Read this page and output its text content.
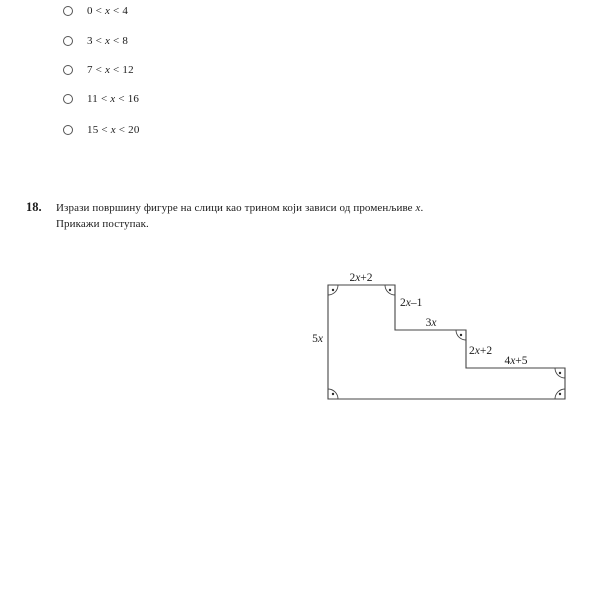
0 < x < 4
3 < x < 8
7 < x < 12
11 < x < 16
15 < x < 20
18. Изрази површину фигуре на слици као трином који зависи од променљиве x.
Прикажи поступак.
2x+2
2x–1
3x
2x+2
4x+5
5x
